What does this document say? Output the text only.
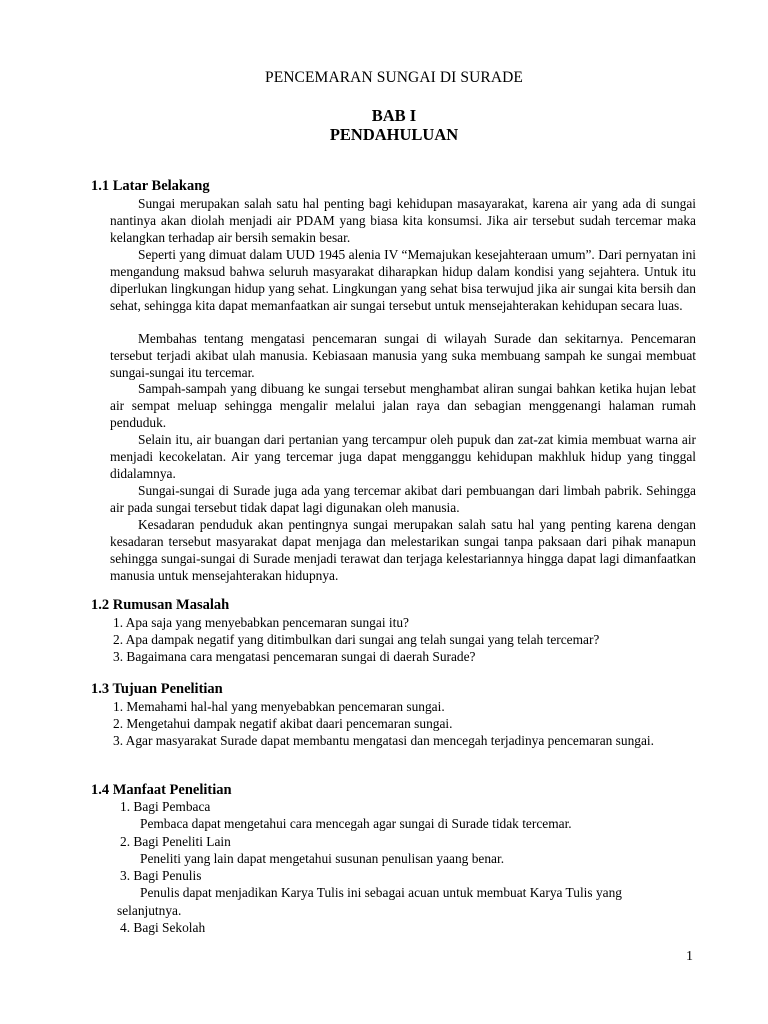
PENCEMARAN SUNGAI DI SURADE
BAB I
PENDAHULUAN
1.1 Latar Belakang

Sungai merupakan salah satu hal penting bagi kehidupan masayarakat, karena air yang ada di sungai nantinya akan diolah menjadi air PDAM yang biasa kita konsumsi. Jika air tersebut sudah tercemar maka kelangkan terhadap air bersih semakin besar.

Seperti yang dimuat dalam UUD 1945 alenia IV “Memajukan kesejahteraan umum”. Dari pernyatan ini mengandung maksud bahwa seluruh masyarakat diharapkan hidup dalam kondisi yang sejahtera. Untuk itu diperlukan lingkungan hidup yang sehat. Lingkungan yang sehat bisa terwujud jika air sungai kita bersih dan sehat, sehingga kita dapat memanfaatkan air sungai tersebut untuk mensejahterakan kehidupan secara luas.

Membahas tentang mengatasi pencemaran sungai di wilayah Surade dan sekitarnya. Pencemaran tersebut terjadi akibat ulah manusia. Kebiasaan manusia yang suka membuang sampah ke sungai membuat sungai-sungai itu tercemar.

Sampah-sampah yang dibuang ke sungai tersebut menghambat aliran sungai bahkan ketika hujan lebat air sempat meluap sehingga mengalir melalui jalan raya dan sebagian menggenangi halaman rumah penduduk.

Selain itu, air buangan dari pertanian yang tercampur oleh pupuk dan zat-zat kimia membuat warna air menjadi kecokelatan. Air yang tercemar juga dapat mengganggu kehidupan makhluk hidup yang tinggal didalamnya.

Sungai-sungai di Surade juga ada yang tercemar akibat dari pembuangan dari limbah pabrik. Sehingga air pada sungai tersebut tidak dapat lagi digunakan oleh manusia.

Kesadaran penduduk akan pentingnya sungai merupakan salah satu hal yang penting karena dengan kesadaran tersebut masyarakat dapat menjaga dan melestarikan sungai tanpa paksaan dari pihak manapun sehingga sungai-sungai di Surade menjadi terawat dan terjaga kelestariannya hingga dapat lagi dimanfaatkan manusia untuk mensejahterakan hidupnya.

1.2 Rumusan Masalah
1. Apa saja yang menyebabkan pencemaran sungai itu?
2. Apa dampak negatif yang ditimbulkan dari sungai ang telah sungai yang telah tercemar?
3. Bagaimana cara mengatasi pencemaran sungai di daerah Surade?
1.3 Tujuan Penelitian
1. Memahami hal-hal yang menyebabkan pencemaran sungai.
2. Mengetahui dampak negatif akibat daari pencemaran sungai.
3. Agar masyarakat Surade dapat membantu mengatasi dan mencegah terjadinya pencemaran sungai.
1.4 Manfaat Penelitian
1. Bagi Pembaca
Pembaca dapat mengetahui cara mencegah agar sungai di Surade tidak tercemar.
2. Bagi Peneliti Lain
Peneliti yang lain dapat mengetahui susunan penulisan yaang benar.
3. Bagi Penulis
Penulis dapat menjadikan Karya Tulis ini sebagai acuan untuk membuat Karya Tulis yang selanjutnya.
4. Bagi Sekolah
1
